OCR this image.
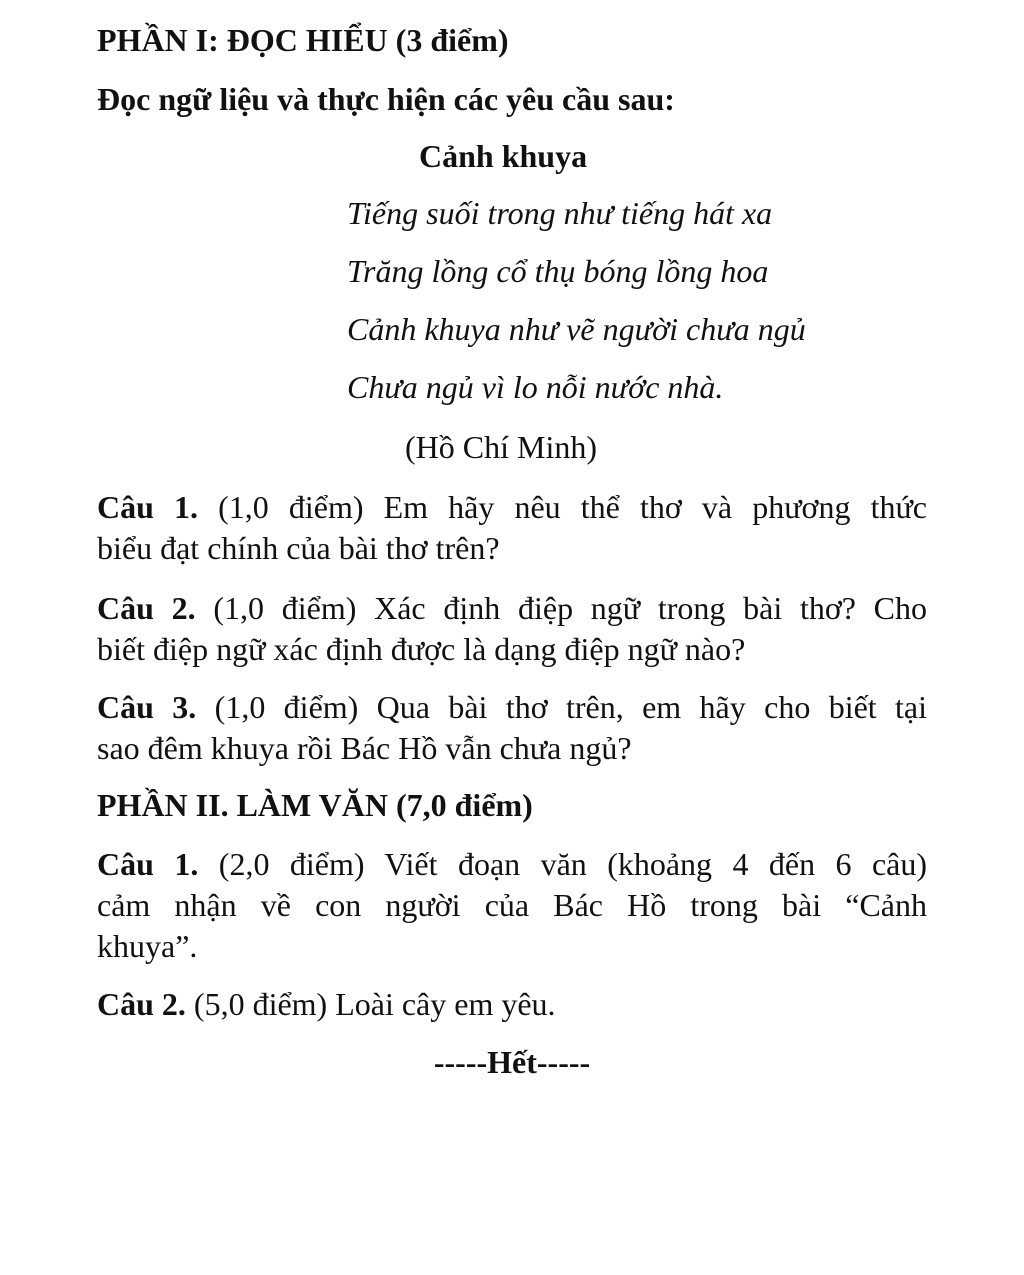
PHẦN I: ĐỌC HIỂU (3 điểm)
Đọc ngữ liệu và thực hiện các yêu cầu sau:
Cảnh khuya
Tiếng suối trong như tiếng hát xa
Trăng lồng cổ thụ bóng lồng hoa
Cảnh khuya như vẽ người chưa ngủ
Chưa ngủ vì lo nỗi nước nhà.
(Hồ Chí Minh)
Câu 1. (1,0 điểm) Em hãy nêu thể thơ và phương thức
biểu đạt chính của bài thơ trên?
Câu 2. (1,0 điểm) Xác định điệp ngữ trong bài thơ? Cho
biết điệp ngữ xác định được là dạng điệp ngữ nào?
Câu 3. (1,0 điểm) Qua bài thơ trên, em hãy cho biết tại
sao đêm khuya rồi Bác Hồ vẫn chưa ngủ?
PHẦN II. LÀM VĂN (7,0 điểm)
Câu 1. (2,0 điểm) Viết đoạn văn (khoảng 4 đến 6 câu)
cảm nhận về con người của Bác Hồ trong bài “Cảnh
khuya”.
Câu 2. (5,0 điểm) Loài cây em yêu.
-----Hết-----
